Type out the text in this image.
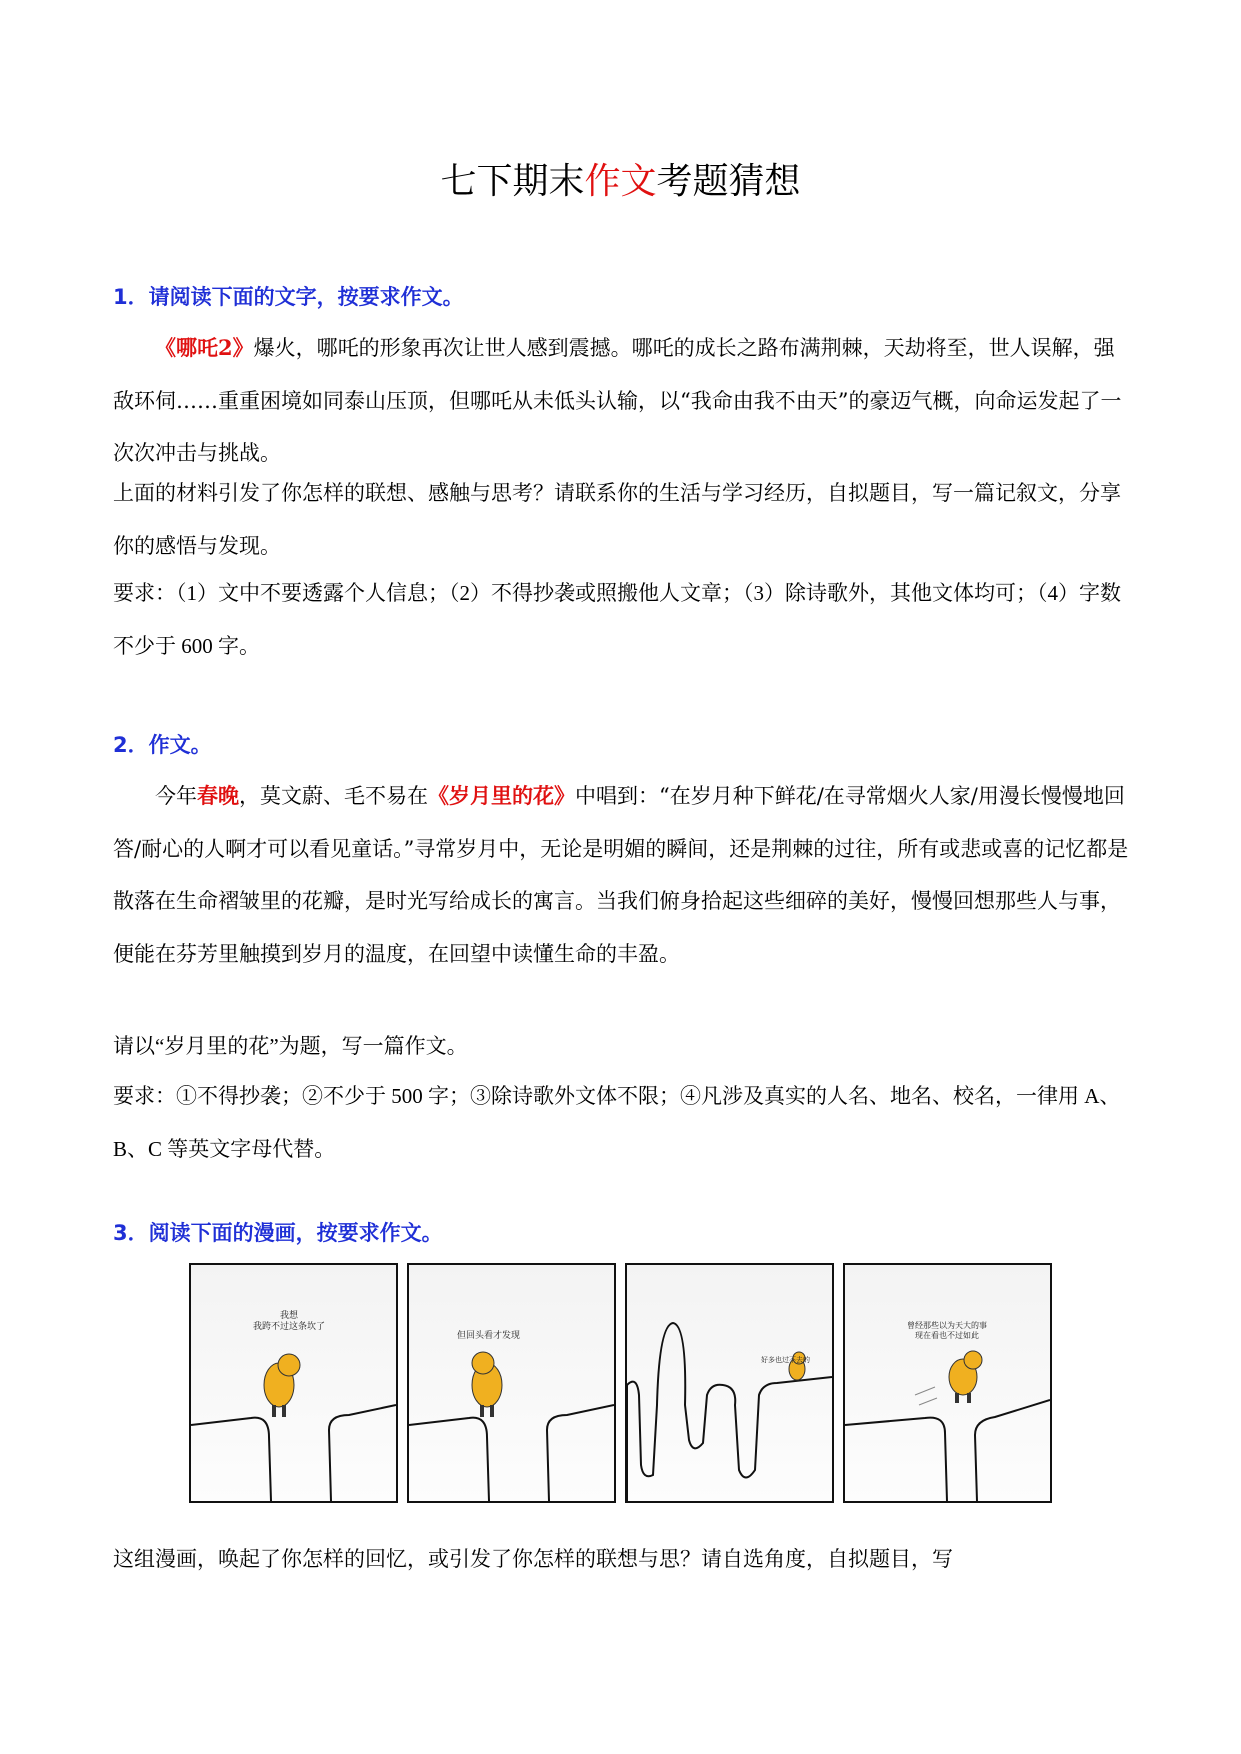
七下期末作文考题猜想
1．请阅读下面的文字，按要求作文。
《哪吒2》爆火，哪吒的形象再次让世人感到震撼。哪吒的成长之路布满荆棘，天劫将至，世人误解，强敌环伺……重重困境如同泰山压顶，但哪吒从未低头认输，以“我命由我不由天”的豪迈气概，向命运发起了一次次冲击与挑战。
上面的材料引发了你怎样的联想、感触与思考？请联系你的生活与学习经历，自拟题目，写一篇记叙文，分享你的感悟与发现。
要求：（1）文中不要透露个人信息；（2）不得抄袭或照搬他人文章；（3）除诗歌外，其他文体均可；（4）字数不少于 600 字。
2．作文。
今年春晚，莫文蔚、毛不易在《岁月里的花》中唱到：“在岁月种下鲜花/在寻常烟火人家/用漫长慢慢地回答/耐心的人啊才可以看见童话。”寻常岁月中，无论是明媚的瞬间，还是荆棘的过往，所有或悲或喜的记忆都是散落在生命褶皱里的花瓣，是时光写给成长的寓言。当我们俯身拾起这些细碎的美好，慢慢回想那些人与事，便能在芬芳里触摸到岁月的温度，在回望中读懂生命的丰盈。
请以“岁月里的花”为题，写一篇作文。
要求：①不得抄袭；②不少于 500 字；③除诗歌外文体不限；④凡涉及真实的人名、地名、校名，一律用 A、B、C 等英文字母代替。
3．阅读下面的漫画，按要求作文。
我想
我跨不过这条坎了
但回头看才发现
好多也过不去的
曾经那些以为天大的事
现在看也不过如此
这组漫画，唤起了你怎样的回忆，或引发了你怎样的联想与思？请自选角度，自拟题目，写
